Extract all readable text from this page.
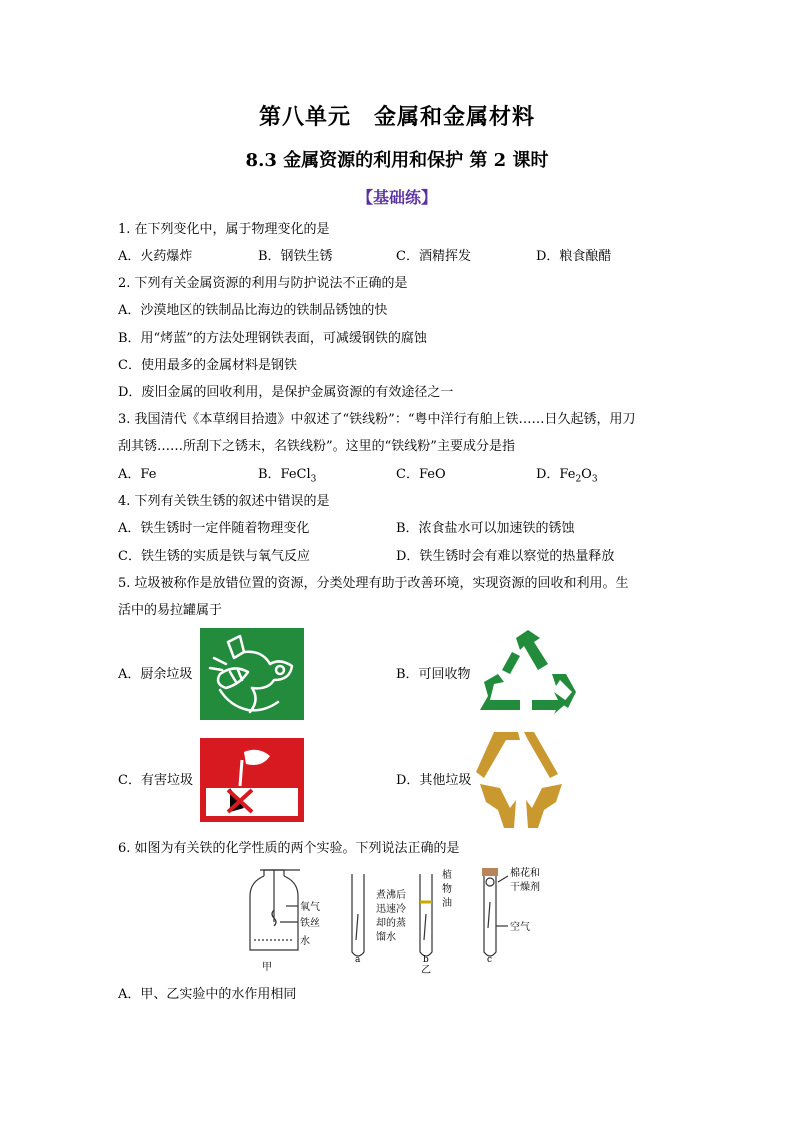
第八单元　金属和金属材料
8.3 金属资源的利用和保护 第 2 课时
【基础练】
1. 在下列变化中，属于物理变化的是
A．火药爆炸	B．钢铁生锈	C．酒精挥发	D．粮食酿醋
2. 下列有关金属资源的利用与防护说法不正确的是
A．沙漠地区的铁制品比海边的铁制品锈蚀的快
B．用“烤蓝”的方法处理钢铁表面，可减缓钢铁的腐蚀
C．使用最多的金属材料是钢铁
D．废旧金属的回收利用，是保护金属资源的有效途径之一
3. 我国清代《本草纲目拾遗》中叙述了“铁线粉”：“粤中洋行有舶上铁……日久起锈，用刀
刮其锈……所刮下之锈末，名铁线粉”。这里的“铁线粉”主要成分是指
A．Fe	B．FeCl$_3$	C．FeO	D．$Fe_2O_3$
4. 下列有关铁生锈的叙述中错误的是
A．铁生锈时一定伴随着物理变化	B．浓食盐水可以加速铁的锈蚀
C．铁生锈的实质是铁与氧气反应	D．铁生锈时会有难以察觉的热量释放
5. 垃圾被称作是放错位置的资源，分类处理有助于改善环境，实现资源的回收和利用。生
活中的易拉罐属于
A．厨余垃圾	B．可回收物
C．有害垃圾	D．其他垃圾
6. 如图为有关铁的化学性质的两个实验。下列说法正确的是
氧气
铁丝
水
甲
煮沸后
迅速冷
却的蒸
馏水
a
植
物
油
b
乙
棉花和
干燥剂
空气
c
A．甲、乙实验中的水作用相同
